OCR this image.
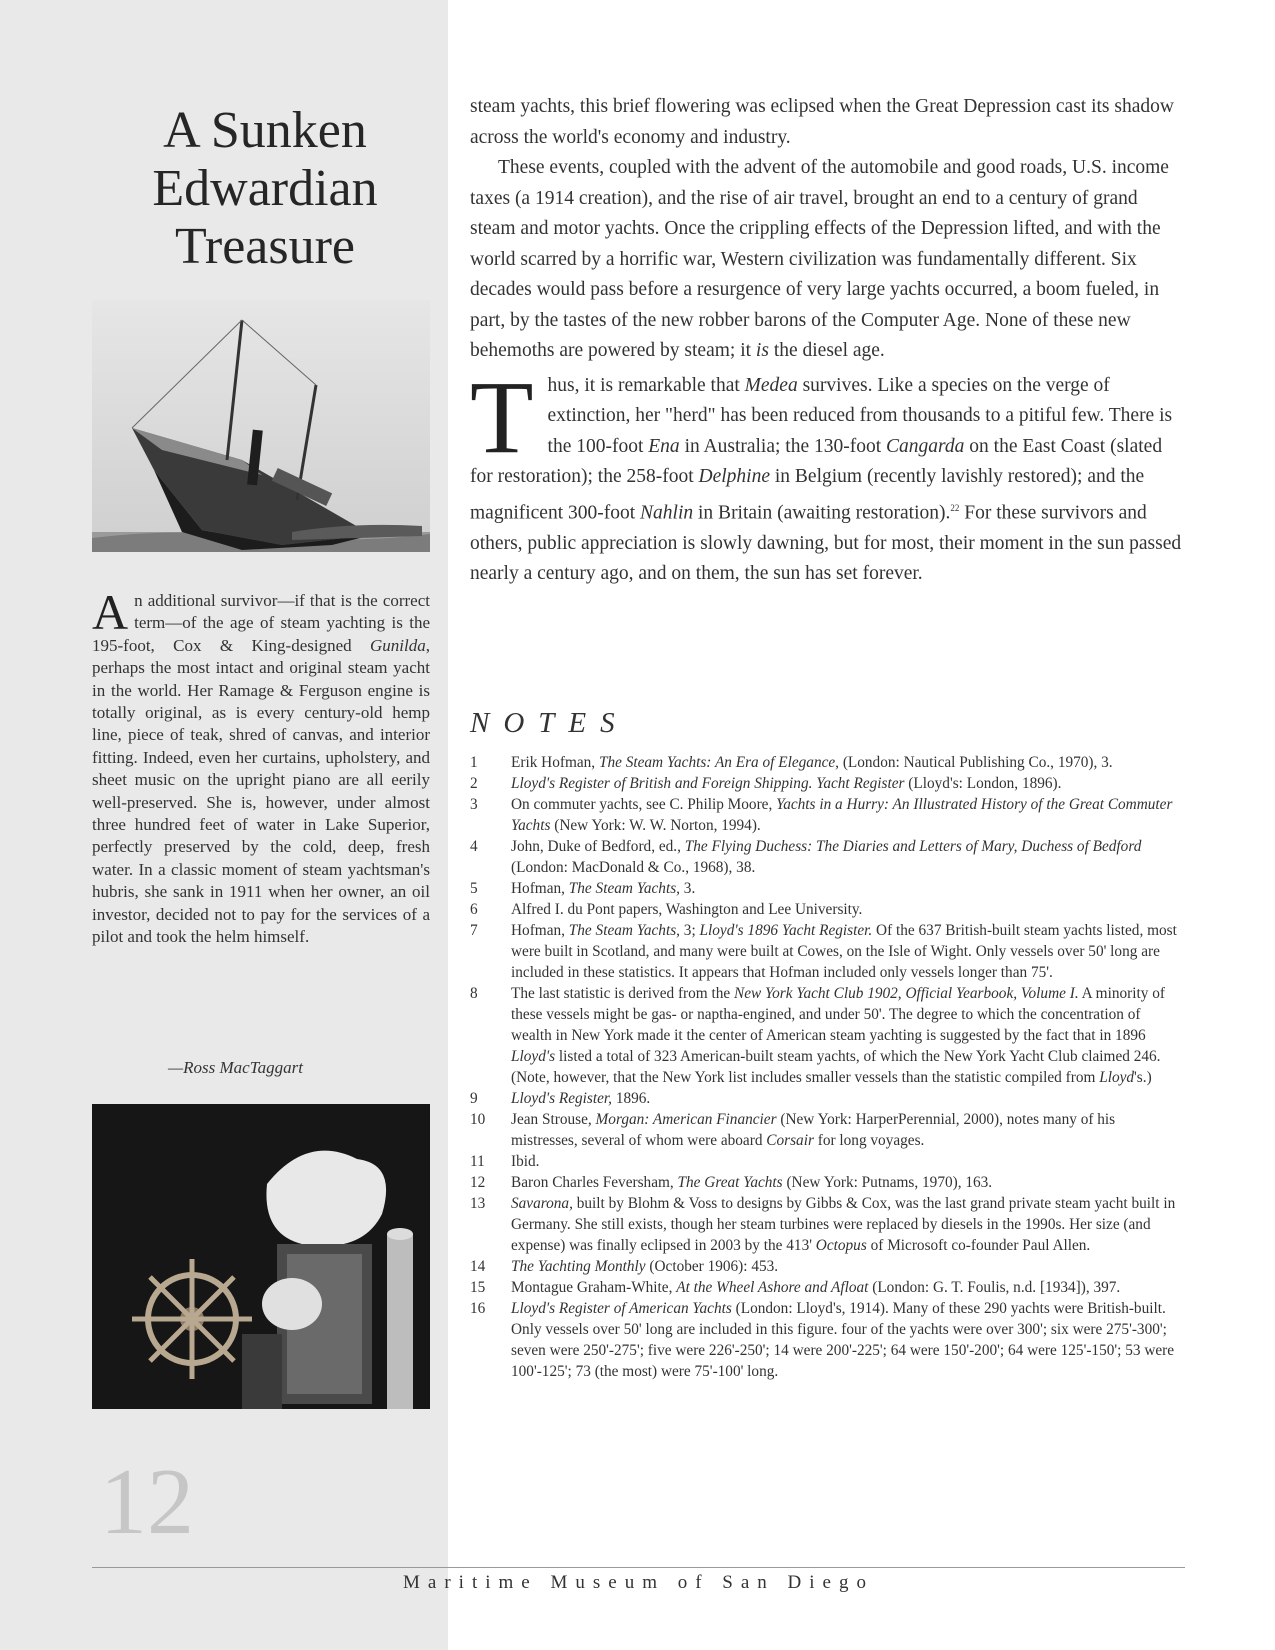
A Sunken
Edwardian
Treasure
An additional survivor—if that is the correct term—of the age of steam yachting is the 195-foot, Cox & King-designed Gunilda, perhaps the most intact and original steam yacht in the world. Her Ramage & Ferguson engine is totally original, as is every century-old hemp line, piece of teak, shred of canvas, and interior fitting. Indeed, even her curtains, upholstery, and sheet music on the upright piano are all eerily well-preserved. She is, however, under almost three hundred feet of water in Lake Superior, perfectly preserved by the cold, deep, fresh water. In a classic moment of steam yachtsman's hubris, she sank in 1911 when her owner, an oil investor, decided not to pay for the services of a pilot and took the helm himself.
—Ross MacTaggart
12

steam yachts, this brief flowering was eclipsed when the Great Depression cast its shadow across the world's economy and industry.

These events, coupled with the advent of the automobile and good roads, U.S. income taxes (a 1914 creation), and the rise of air travel, brought an end to a century of grand steam and motor yachts. Once the crippling effects of the Depression lifted, and with the world scarred by a horrific war, Western civilization was fundamentally different. Six decades would pass before a resurgence of very large yachts occurred, a boom fueled, in part, by the tastes of the new robber barons of the Computer Age. None of these new behemoths are powered by steam; it is the diesel age.

Thus, it is remarkable that Medea survives. Like a species on the verge of extinction, her "herd" has been reduced from thousands to a pitiful few. There is the 100-foot Ena in Australia; the 130-foot Cangarda on the East Coast (slated for restoration); the 258-foot Delphine in Belgium (recently lavishly restored); and the magnificent 300-foot Nahlin in Britain (awaiting restoration).$^{22}$ For these survivors and others, public appreciation is slowly dawning, but for most, their moment in the sun passed nearly a century ago, and on them, the sun has set forever.

NOTES
1	Erik Hofman, The Steam Yachts: An Era of Elegance, (London: Nautical Publishing Co., 1970), 3.
2	Lloyd's Register of British and Foreign Shipping. Yacht Register (Lloyd's: London, 1896).
3	On commuter yachts, see C. Philip Moore, Yachts in a Hurry: An Illustrated History of the Great Commuter Yachts (New York: W. W. Norton, 1994).
4	John, Duke of Bedford, ed., The Flying Duchess: The Diaries and Letters of Mary, Duchess of Bedford (London: MacDonald & Co., 1968), 38.
5	Hofman, The Steam Yachts, 3.
6	Alfred I. du Pont papers, Washington and Lee University.
7	Hofman, The Steam Yachts, 3; Lloyd's 1896 Yacht Register. Of the 637 British-built steam yachts listed, most were built in Scotland, and many were built at Cowes, on the Isle of Wight. Only vessels over 50' long are included in these statistics. It appears that Hofman included only vessels longer than 75'.
8	The last statistic is derived from the New York Yacht Club 1902, Official Yearbook, Volume I. A minority of these vessels might be gas- or naptha-engined, and under 50'. The degree to which the concentration of wealth in New York made it the center of American steam yachting is suggested by the fact that in 1896 Lloyd's listed a total of 323 American-built steam yachts, of which the New York Yacht Club claimed 246. (Note, however, that the New York list includes smaller vessels than the statistic compiled from Lloyd's.)
9	Lloyd's Register, 1896.
10	Jean Strouse, Morgan: American Financier (New York: HarperPerennial, 2000), notes many of his mistresses, several of whom were aboard Corsair for long voyages.
11	Ibid.
12	Baron Charles Feversham, The Great Yachts (New York: Putnams, 1970), 163.
13	Savarona, built by Blohm & Voss to designs by Gibbs & Cox, was the last grand private steam yacht built in Germany. She still exists, though her steam turbines were replaced by diesels in the 1990s. Her size (and expense) was finally eclipsed in 2003 by the 413' Octopus of Microsoft co-founder Paul Allen.
14	The Yachting Monthly (October 1906): 453.
15	Montague Graham-White, At the Wheel Ashore and Afloat (London: G. T. Foulis, n.d. [1934]), 397.
16	Lloyd's Register of American Yachts (London: Lloyd's, 1914). Many of these 290 yachts were British-built. Only vessels over 50' long are included in this figure. four of the yachts were over 300'; six were 275'-300'; seven were 250'-275'; five were 226'-250'; 14 were 200'-225'; 64 were 150'-200'; 64 were 125'-150'; 53 were 100'-125'; 73 (the most) were 75'-100' long.
Maritime Museum of San Diego
